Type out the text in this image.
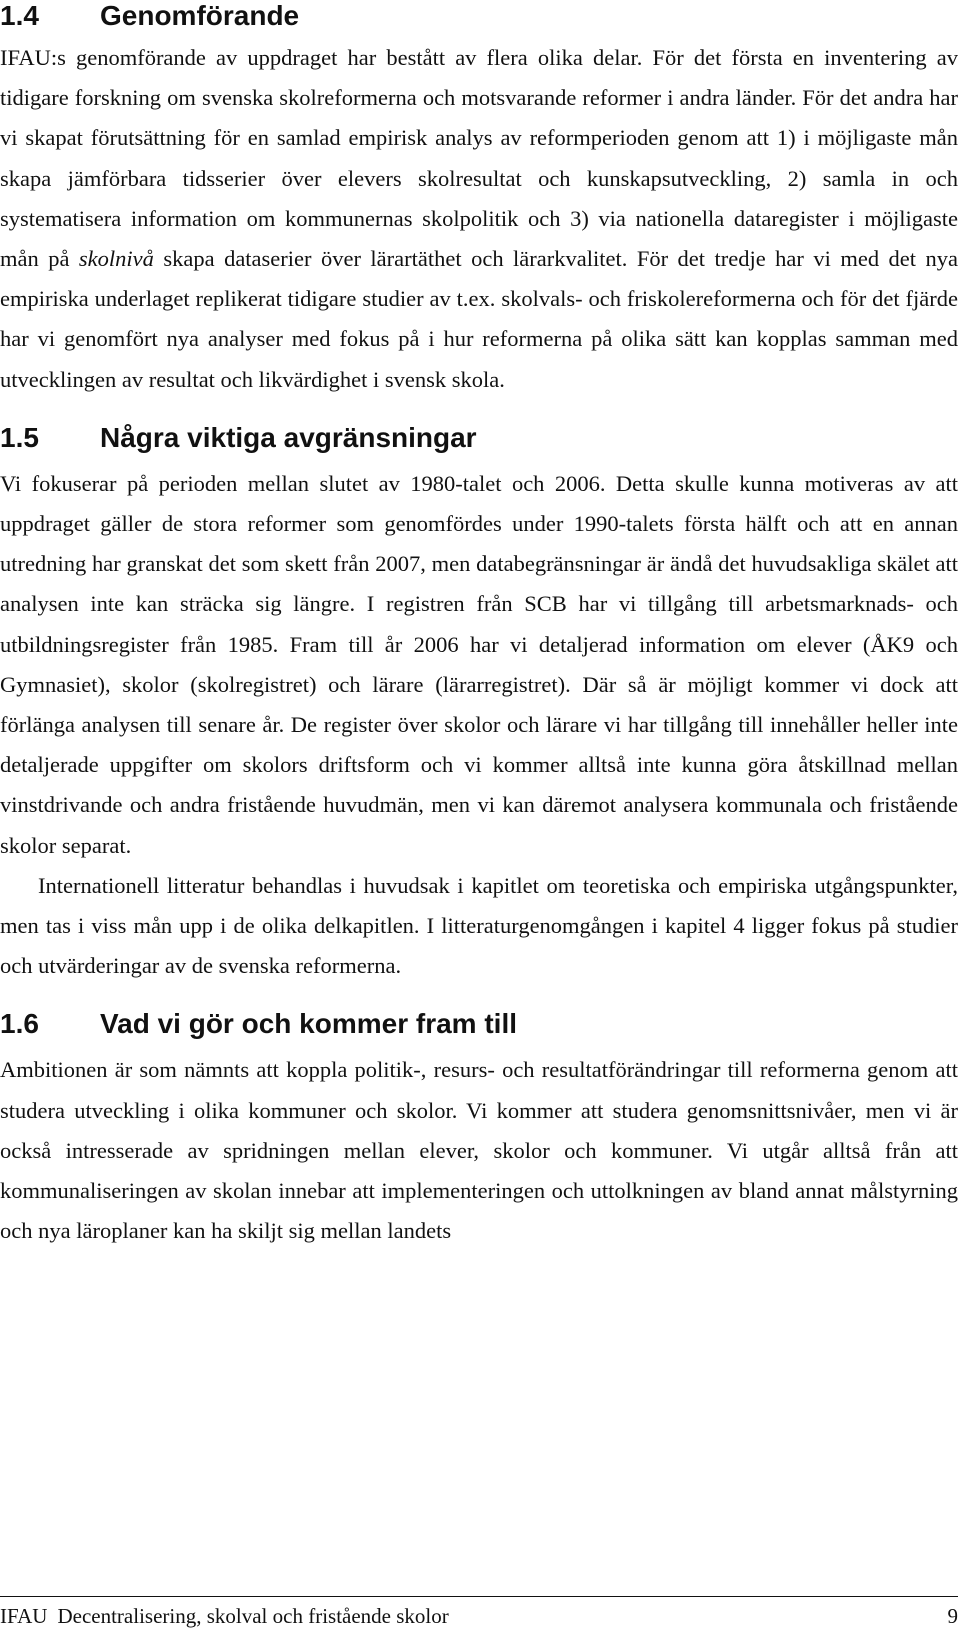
1.4 Genomförande

IFAU:s genomförande av uppdraget har bestått av flera olika delar. För det första en inventering av tidigare forskning om svenska skolreformerna och motsvarande reformer i andra länder. För det andra har vi skapat förutsättning för en samlad empirisk analys av reformperioden genom att 1) i möjligaste mån skapa jämförbara tidsserier över elevers skolresultat och kunskapsutveckling, 2) samla in och systematisera information om kommunernas skolpolitik och 3) via nationella dataregister i möjligaste mån på skolnivå skapa dataserier över lärartäthet och lärarkvalitet. För det tredje har vi med det nya empiriska underlaget replikerat tidigare studier av t.ex. skolvals- och friskolereformerna och för det fjärde har vi genomfört nya analyser med fokus på i hur reformerna på olika sätt kan kopplas samman med utvecklingen av resultat och likvärdighet i svensk skola.

1.5 Några viktiga avgränsningar

Vi fokuserar på perioden mellan slutet av 1980-talet och 2006. Detta skulle kunna motiveras av att uppdraget gäller de stora reformer som genomfördes under 1990-talets första hälft och att en annan utredning har granskat det som skett från 2007, men databegränsningar är ändå det huvudsakliga skälet att analysen inte kan sträcka sig längre. I registren från SCB har vi tillgång till arbetsmarknads- och utbildningsregister från 1985. Fram till år 2006 har vi detaljerad information om elever (ÅK9 och Gymnasiet), skolor (skolregistret) och lärare (lärarregistret). Där så är möjligt kommer vi dock att förlänga analysen till senare år. De register över skolor och lärare vi har tillgång till innehåller heller inte detaljerade uppgifter om skolors driftsform och vi kommer alltså inte kunna göra åtskillnad mellan vinstdrivande och andra fristående huvudmän, men vi kan däremot analysera kommunala och fristående skolor separat.

Internationell litteratur behandlas i huvudsak i kapitlet om teoretiska och empiriska utgångspunkter, men tas i viss mån upp i de olika delkapitlen. I litteraturgenomgången i kapitel 4 ligger fokus på studier och utvärderingar av de svenska reformerna.

1.6 Vad vi gör och kommer fram till

Ambitionen är som nämnts att koppla politik-, resurs- och resultatförändringar till reformerna genom att studera utveckling i olika kommuner och skolor. Vi kommer att studera genomsnittsnivåer, men vi är också intresserade av spridningen mellan elever, skolor och kommuner. Vi utgår alltså från att kommunaliseringen av skolan innebar att implementeringen och uttolkningen av bland annat målstyrning och nya läroplaner kan ha skiljt sig mellan landets

IFAU Decentralisering, skolval och fristående skolor	9
